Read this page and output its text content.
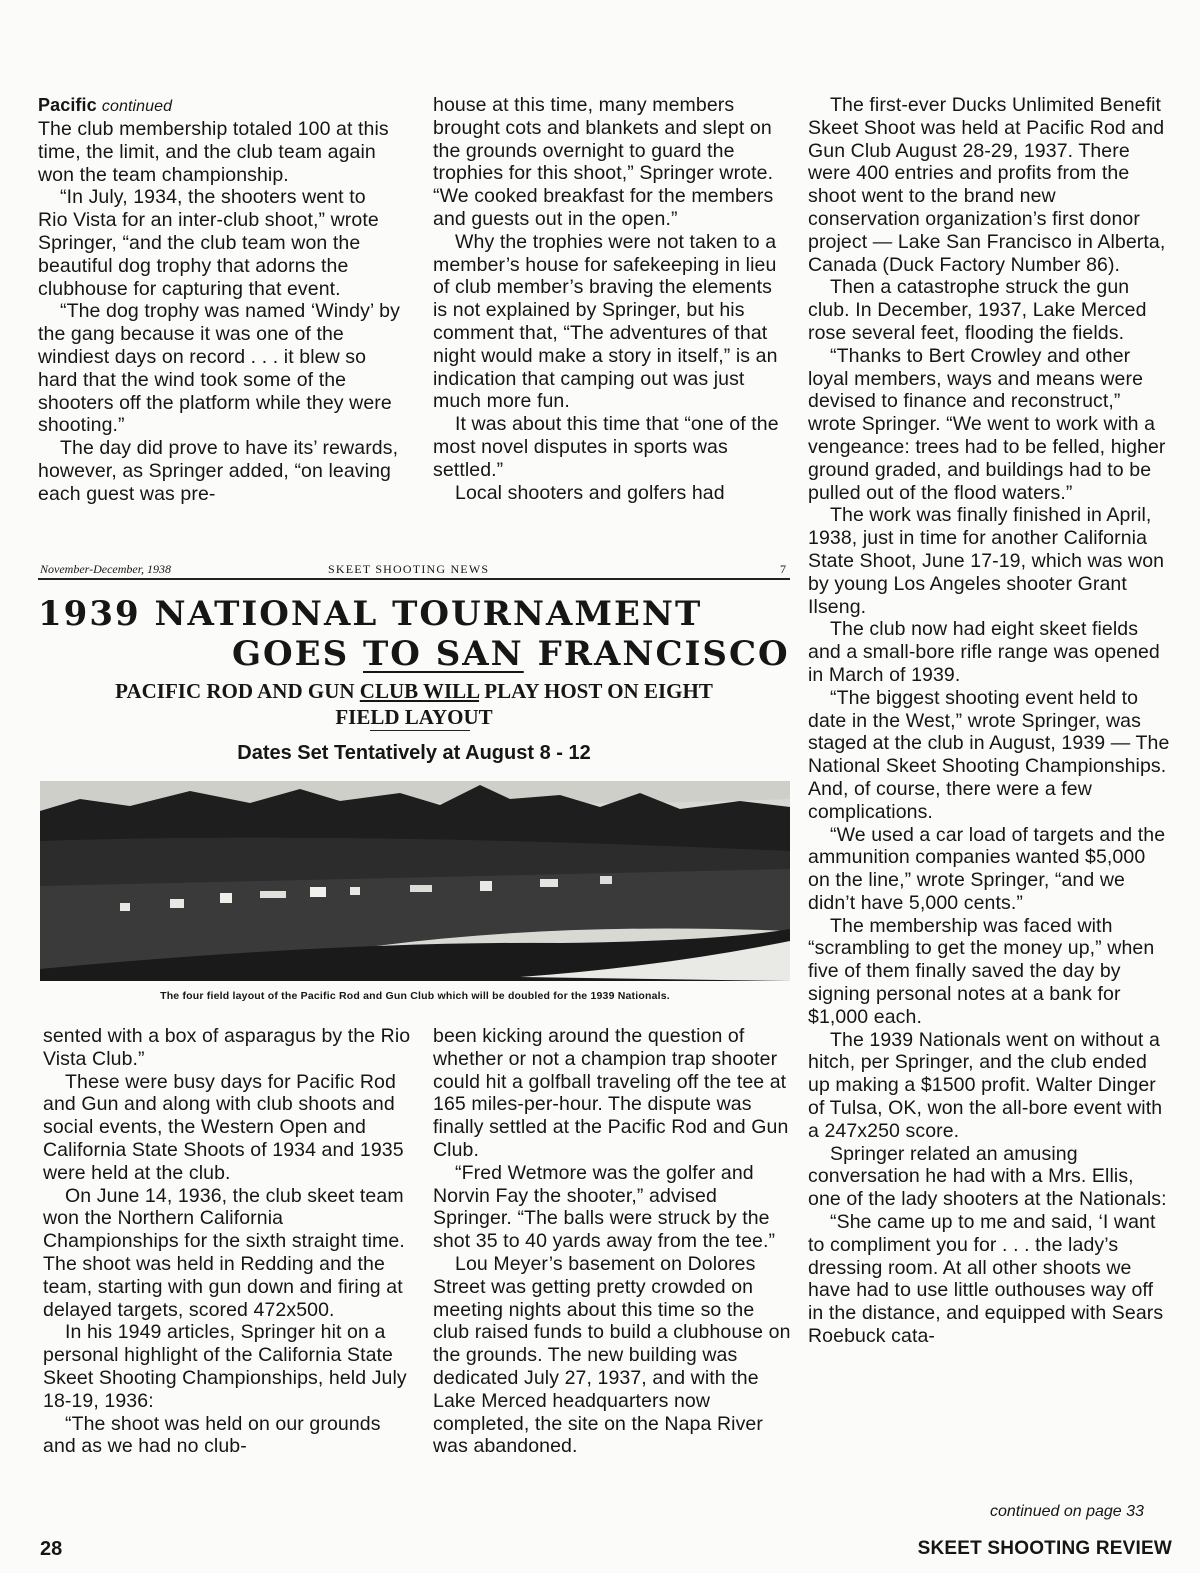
Pacific continued

The club membership totaled 100 at this time, the limit, and the club team again won the team championship.

“In July, 1934, the shooters went to Rio Vista for an inter-club shoot,” wrote Springer, “and the club team won the beautiful dog trophy that adorns the clubhouse for capturing that event.

“The dog trophy was named ‘Windy’ by the gang because it was one of the windiest days on record . . . it blew so hard that the wind took some of the shooters off the platform while they were shooting.”

The day did prove to have its’ rewards, however, as Springer added, “on leaving each guest was pre-

house at this time, many members brought cots and blankets and slept on the grounds overnight to guard the trophies for this shoot,” Springer wrote. “We cooked breakfast for the members and guests out in the open.”

Why the trophies were not taken to a member’s house for safekeeping in lieu of club member’s braving the elements is not explained by Springer, but his comment that, “The adventures of that night would make a story in itself,” is an indication that camping out was just much more fun.

It was about this time that “one of the most novel disputes in sports was settled.”

Local shooters and golfers had

November-December, 1938	SKEET SHOOTING NEWS	7
1939 NATIONAL TOURNAMENT
GOES TO SAN FRANCISCO
PACIFIC ROD AND GUN CLUB WILL PLAY HOST ON EIGHT
FIELD LAYOUT
Dates Set Tentatively at August 8 - 12
The four field layout of the Pacific Rod and Gun Club which will be doubled for the 1939 Nationals.

sented with a box of asparagus by the Rio Vista Club.”

These were busy days for Pacific Rod and Gun and along with club shoots and social events, the Western Open and California State Shoots of 1934 and 1935 were held at the club.

On June 14, 1936, the club skeet team won the Northern California Championships for the sixth straight time. The shoot was held in Redding and the team, starting with gun down and firing at delayed targets, scored 472x500.

In his 1949 articles, Springer hit on a personal highlight of the California State Skeet Shooting Championships, held July 18-19, 1936:

“The shoot was held on our grounds and as we had no club-

been kicking around the question of whether or not a champion trap shooter could hit a golfball traveling off the tee at 165 miles-per-hour. The dispute was finally settled at the Pacific Rod and Gun Club.

“Fred Wetmore was the golfer and Norvin Fay the shooter,” advised Springer. “The balls were struck by the shot 35 to 40 yards away from the tee.”

Lou Meyer’s basement on Dolores Street was getting pretty crowded on meeting nights about this time so the club raised funds to build a clubhouse on the grounds. The new building was dedicated July 27, 1937, and with the Lake Merced headquarters now completed, the site on the Napa River was abandoned.

The first-ever Ducks Unlimited Benefit Skeet Shoot was held at Pacific Rod and Gun Club August 28-29, 1937. There were 400 entries and profits from the shoot went to the brand new conservation organization’s first donor project — Lake San Francisco in Alberta, Canada (Duck Factory Number 86).

Then a catastrophe struck the gun club. In December, 1937, Lake Merced rose several feet, flooding the fields.

“Thanks to Bert Crowley and other loyal members, ways and means were devised to finance and reconstruct,” wrote Springer. “We went to work with a vengeance: trees had to be felled, higher ground graded, and buildings had to be pulled out of the flood waters.”

The work was finally finished in April, 1938, just in time for another California State Shoot, June 17-19, which was won by young Los Angeles shooter Grant Ilseng.

The club now had eight skeet fields and a small-bore rifle range was opened in March of 1939.

“The biggest shooting event held to date in the West,” wrote Springer, was staged at the club in August, 1939 — The National Skeet Shooting Championships. And, of course, there were a few complications.

“We used a car load of targets and the ammunition companies wanted $5,000 on the line,” wrote Springer, “and we didn’t have 5,000 cents.”

The membership was faced with “scrambling to get the money up,” when five of them finally saved the day by signing personal notes at a bank for $1,000 each.

The 1939 Nationals went on without a hitch, per Springer, and the club ended up making a $1500 profit. Walter Dinger of Tulsa, OK, won the all-bore event with a 247x250 score.

Springer related an amusing conversation he had with a Mrs. Ellis, one of the lady shooters at the Nationals:

“She came up to me and said, ‘I want to compliment you for . . . the lady’s dressing room. At all other shoots we have had to use little outhouses way off in the distance, and equipped with Sears Roebuck cata-

continued on page 33
28	SKEET SHOOTING REVIEW
